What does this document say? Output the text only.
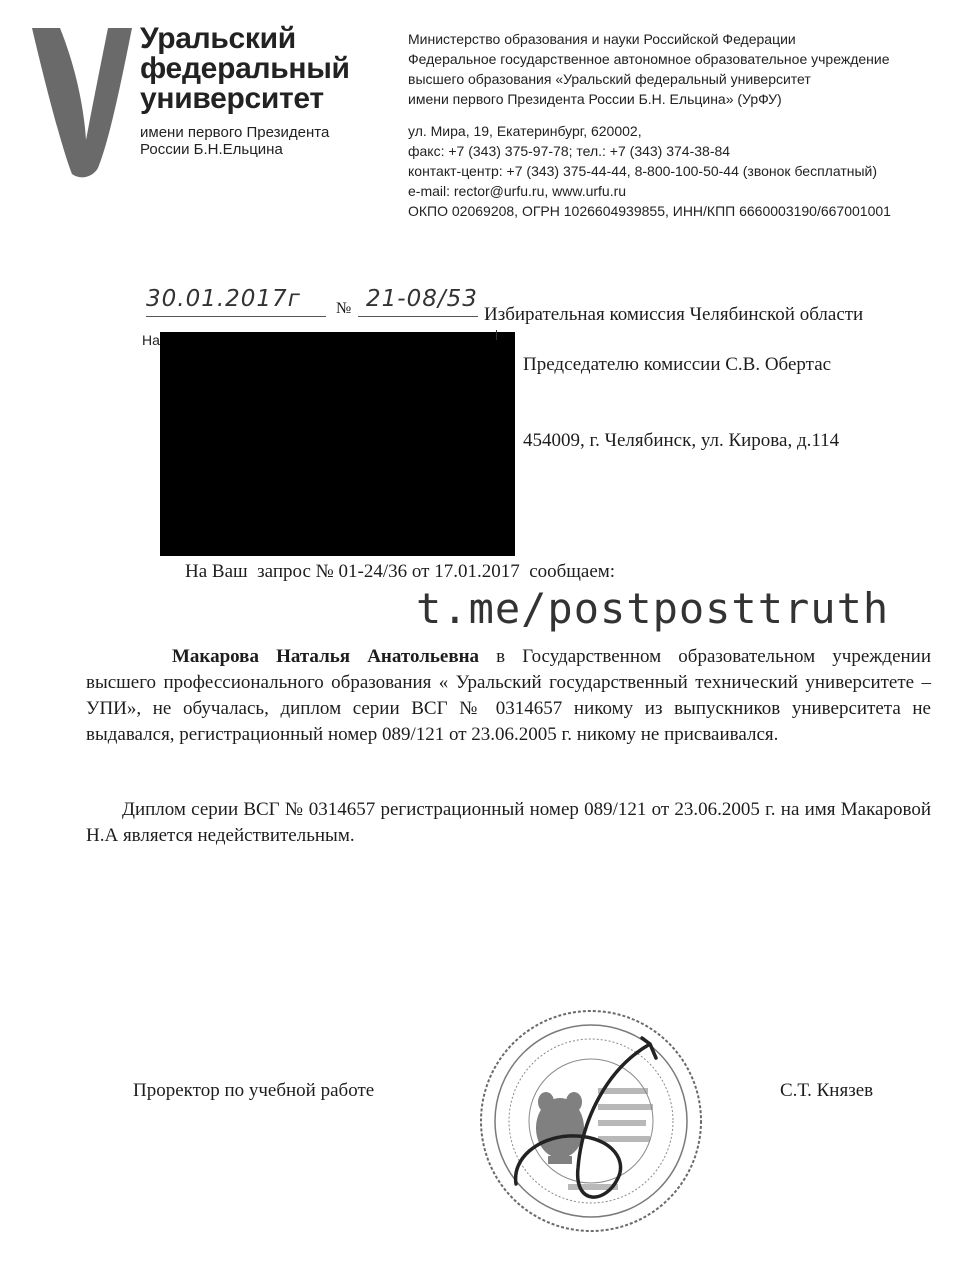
Уральский
федеральный
университет
имени первого Президента
России Б.Н.Ельцина
Министерство образования и науки Российской Федерации
Федеральное государственное автономное образовательное учреждение
высшего образования «Уральский федеральный университет
имени первого Президента России Б.Н. Ельцина» (УрФУ)
ул. Мира, 19, Екатеринбург, 620002,
факс: +7 (343) 375-97-78; тел.: +7 (343) 374-38-84
контакт-центр: +7 (343) 375-44-44, 8-800-100-50-44 (звонок бесплатный)
e-mail: rector@urfu.ru, www.urfu.ru
ОКПО 02069208, ОГРН 1026604939855, ИНН/КПП 6660003190/667001001
30.01.2017г № 21-08/53
Избирательная комиссия Челябинской области
Председателю комиссии С.В. Обертас
454009, г. Челябинск, ул. Кирова, д.114
На
На Ваш  запрос № 01-24/36 от 17.01.2017  сообщаем:
t.me/postposttruth
Макарова Наталья Анатольевна в Государственном образовательном учреждении высшего профессионального образования « Уральский государственный технический университете – УПИ», не обучалась, диплом серии ВСГ № 0314657 никому из выпускников университета не выдавался, регистрационный номер 089/121 от 23.06.2005 г. никому не присваивался.
Диплом серии ВСГ № 0314657 регистрационный номер 089/121 от 23.06.2005 г. на имя Макаровой Н.А является недействительным.
Проректор по учебной работе	С.Т. Князев
